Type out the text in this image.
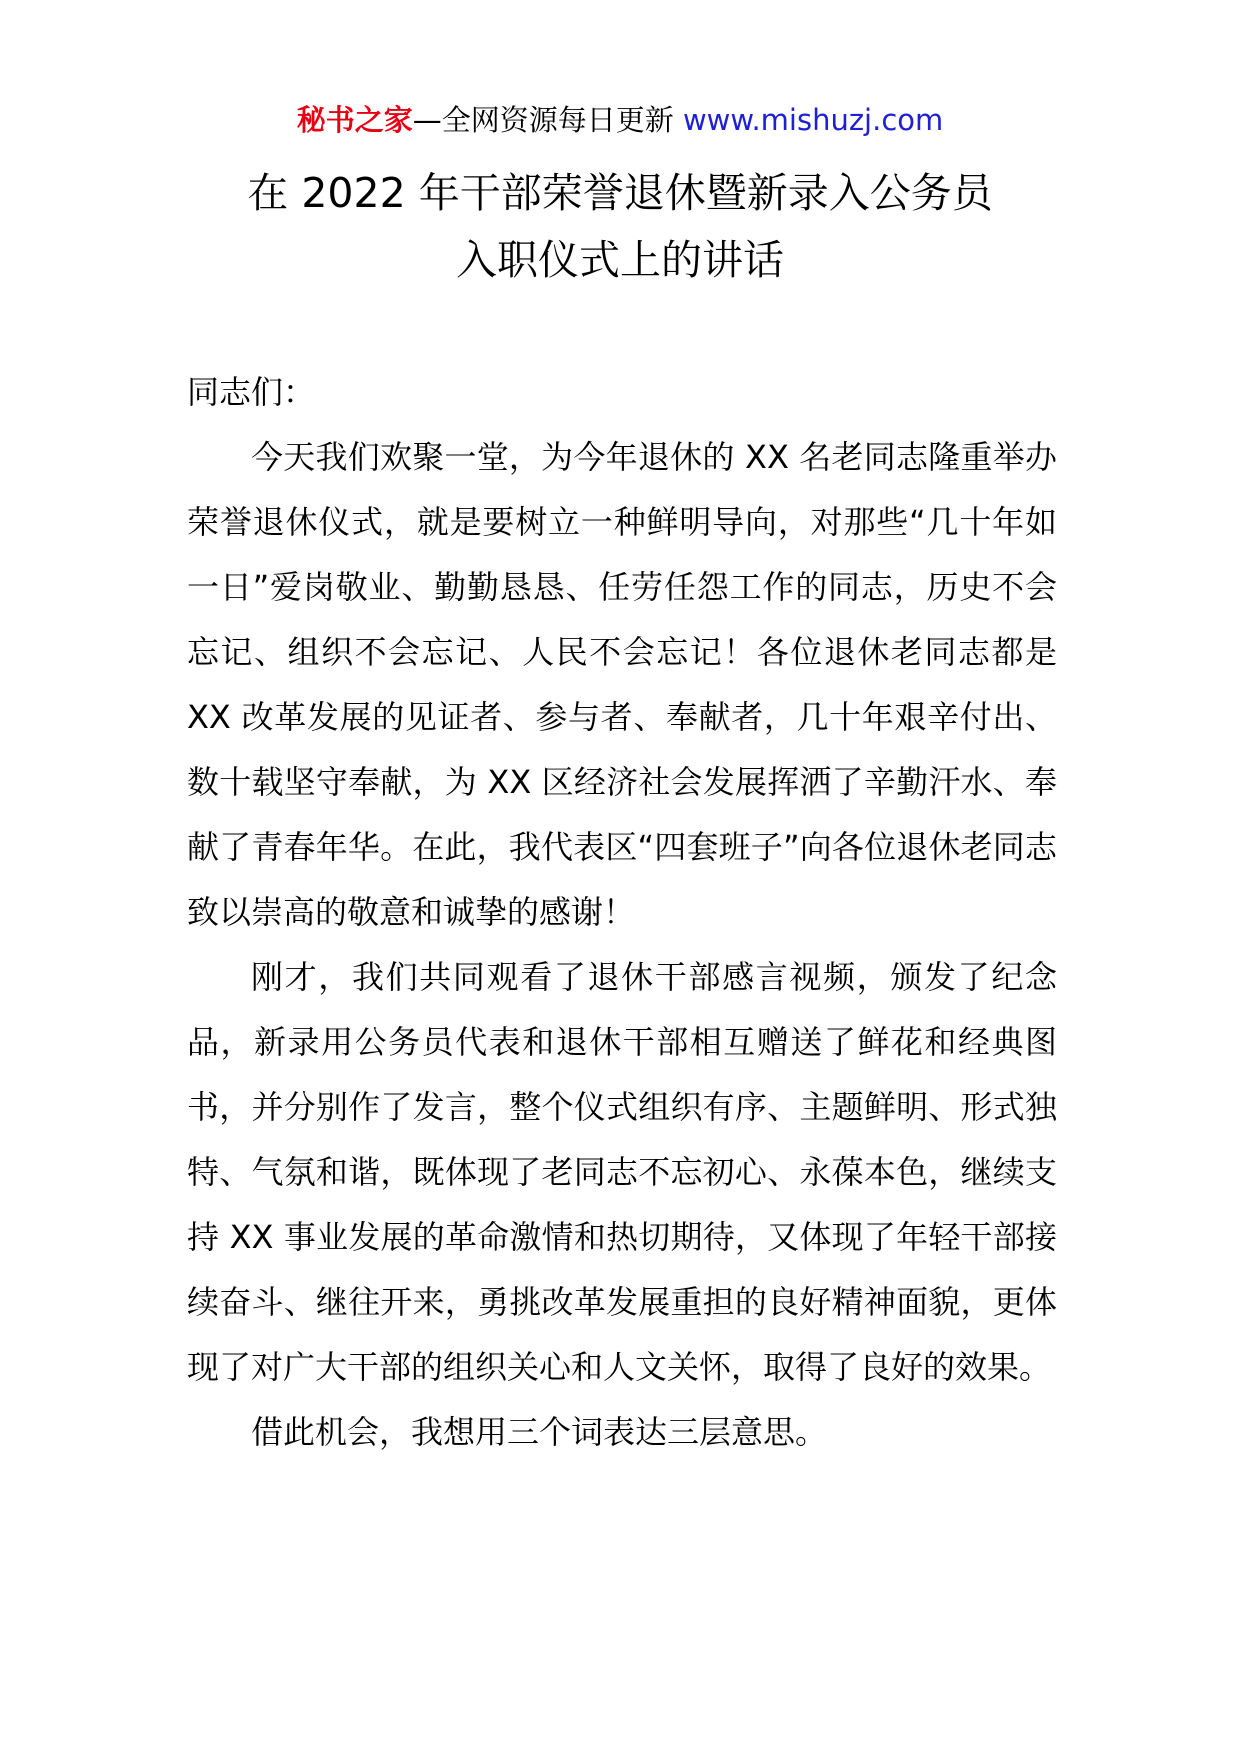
秘书之家—全网资源每日更新 www.mishuzj.com
在 2022 年干部荣誉退休暨新录入公务员
入职仪式上的讲话

同志们：

今天我们欢聚一堂，为今年退休的 XX 名老同志隆重举办荣誉退休仪式，就是要树立一种鲜明导向，对那些“几十年如一日”爱岗敬业、勤勤恳恳、任劳任怨工作的同志，历史不会忘记、组织不会忘记、人民不会忘记！各位退休老同志都是 XX 改革发展的见证者、参与者、奉献者，几十年艰辛付出、数十载坚守奉献，为 XX 区经济社会发展挥洒了辛勤汗水、奉献了青春年华。在此，我代表区“四套班子”向各位退休老同志致以崇高的敬意和诚挚的感谢！

刚才，我们共同观看了退休干部感言视频，颁发了纪念品，新录用公务员代表和退休干部相互赠送了鲜花和经典图书，并分别作了发言，整个仪式组织有序、主题鲜明、形式独特、气氛和谐，既体现了老同志不忘初心、永葆本色，继续支持 XX 事业发展的革命激情和热切期待，又体现了年轻干部接续奋斗、继往开来，勇挑改革发展重担的良好精神面貌，更体现了对广大干部的组织关心和人文关怀，取得了良好的效果。

借此机会，我想用三个词表达三层意思。
